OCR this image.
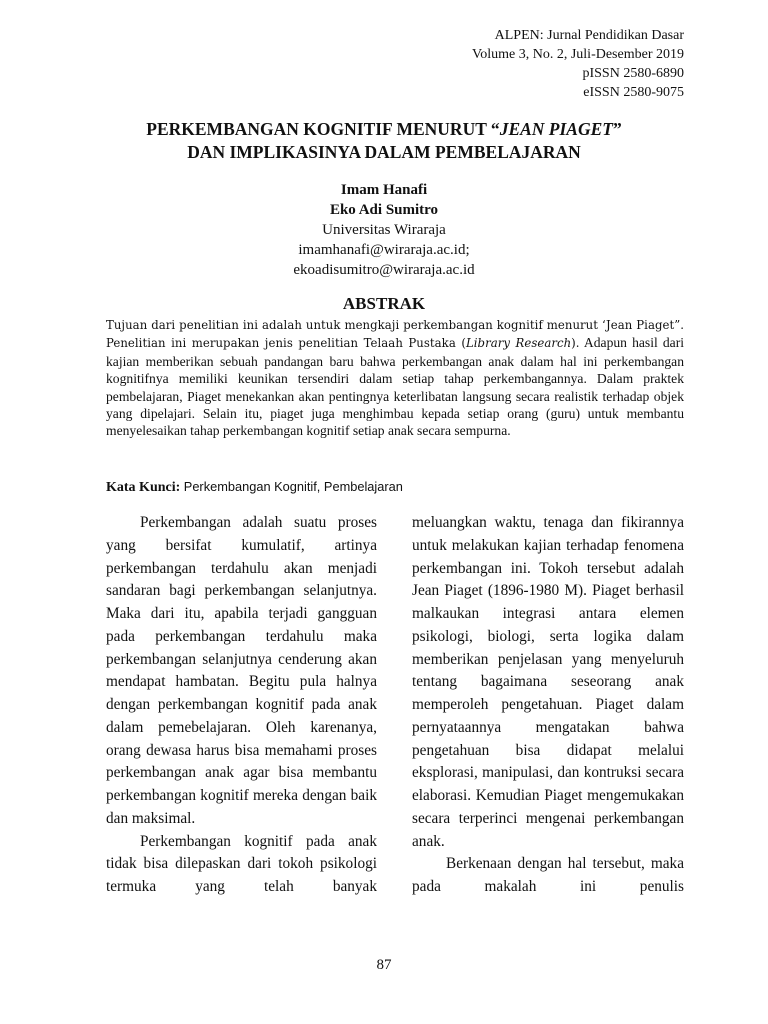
ALPEN: Jurnal Pendidikan Dasar
Volume 3, No. 2, Juli-Desember 2019
pISSN 2580-6890
eISSN 2580-9075
PERKEMBANGAN KOGNITIF MENURUT “JEAN PIAGET”
DAN IMPLIKASINYA DALAM PEMBELAJARAN
Imam Hanafi
Eko Adi Sumitro
Universitas Wiraraja
imamhanafi@wiraraja.ac.id;
ekoadisumitro@wiraraja.ac.id
ABSTRAK
Tujuan dari penelitian ini adalah untuk mengkaji perkembangan kognitif menurut ‘Jean Piaget”. Penelitian ini merupakan jenis penelitian Telaah Pustaka (Library Research). Adapun hasil dari kajian memberikan sebuah pandangan baru bahwa perkembangan anak dalam hal ini perkembangan kognitifnya memiliki keunikan tersendiri dalam setiap tahap perkembangannya. Dalam praktek pembelajaran, Piaget menekankan akan pentingnya keterlibatan langsung secara realistik terhadap objek yang dipelajari. Selain itu, piaget juga menghimbau kepada setiap orang (guru) untuk membantu menyelesaikan tahap perkembangan kognitif setiap anak secara sempurna.
Kata Kunci: Perkembangan Kognitif, Pembelajaran

Perkembangan adalah suatu proses yang bersifat kumulatif, artinya perkembangan terdahulu akan menjadi sandaran bagi perkembangan selanjutnya. Maka dari itu, apabila terjadi gangguan pada perkembangan terdahulu maka perkembangan selanjutnya cenderung akan mendapat hambatan. Begitu pula halnya dengan perkembangan kognitif pada anak dalam pemebelajaran. Oleh karenanya, orang dewasa harus bisa memahami proses perkembangan anak agar bisa membantu perkembangan kognitif mereka dengan baik dan maksimal.

Perkembangan kognitif pada anak tidak bisa dilepaskan dari tokoh psikologi termuka yang telah banyak

meluangkan waktu, tenaga dan fikirannya untuk melakukan kajian terhadap fenomena perkembangan ini. Tokoh tersebut adalah Jean Piaget (1896-1980 M). Piaget berhasil malkaukan integrasi antara elemen psikologi, biologi, serta logika dalam memberikan penjelasan yang menyeluruh tentang bagaimana seseorang anak memperoleh pengetahuan. Piaget dalam pernyataannya mengatakan bahwa pengetahuan bisa didapat melalui eksplorasi, manipulasi, dan kontruksi secara elaborasi. Kemudian Piaget mengemukakan secara terperinci mengenai perkembangan anak.

Berkenaan dengan hal tersebut, maka pada makalah ini penulis

87
